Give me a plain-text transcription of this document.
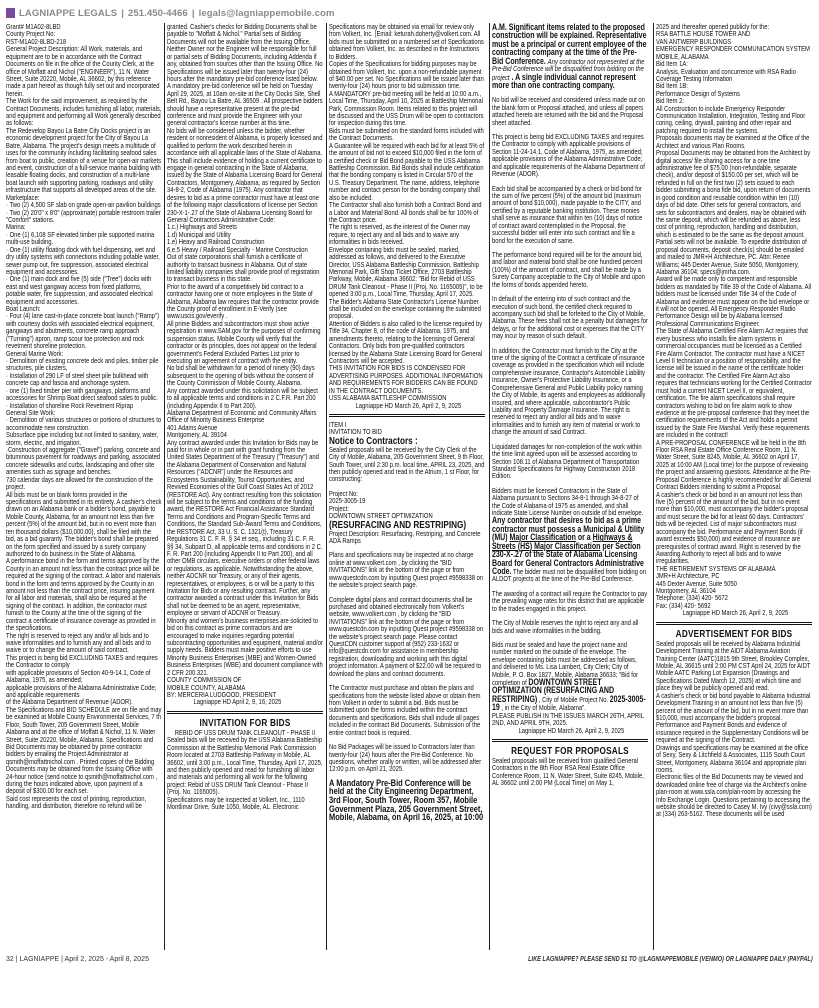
LAGNIAPPE LEGALS | 251.450-4466 | legals@lagniappemobile.com
Grant# M1A02-8LBD
County Project No:
RST-M1A02-8LBD-218
General Project Description: All Work, materials, and equipment are to be in accordance with the Contract Documents on file in the office of the County Clerk, at the office of Moffatt and Nichol ("ENGINEER"), 11 N. Water Street, Suite 20220, Mobile, AL 36602, by this reference made a part hereof as though fully set out and incorporated herein.
The Work for the said improvement, as required by the Contract Documents, includes furnishing all labor, materials, and equipment and performing all Work generally described as follows:
The Redevelop Bayou La Batre City Docks project is an economic development project for the City of Bayou La Batre, Alabama. The project's design meets a multitude of uses for the community including facilitating seafood sales from boat to public, creation of a venue for open-air markets and event, construction of a full-service marina building with leasable floating docks, and construction of a multi-lane boat launch with supporting parking, roadways and utility infrastructure that supports all developed areas of the site.
Marketplace:
· Two (2) 4,500 SF slab on grade open-air pavilion buildings
· Two (2) 20'0" x 8'0" (approximate) portable restroom trailer "Comfort" stations.
Marina:
· One (1) 6,108 SF elevated timber pile supported marina multi-use building.
· One (1) utility floating dock with fuel dispensing, wet and dry utility systems with connections including potable water, sewer pump out, fire suppression, associated electrical equipment and accessories.
· One (1) main dock and five (5) side ("Tree") docks with east and west gangway access from fixed platforms, potable water, fire suppression, and associated electrical equipment and accessories.
Boat Launch:
· Four (4) lane cast-in-place concrete boat launch ("Ramp") with courtesy docks with associated electrical equipment, gangways and abutments, concrete ramp approach ("Turning") apron, ramp scour toe protection and rock revetment shoreline protection.
General Marine Work:
· Demolition of existing concrete deck and piles, timber pile structures, pile clusters,
· Installation of 290 LF of steel sheet pile bulkhead with concrete cap and fascia and anchorage system.
· one (1) fixed timber pier with gangways, platforms and accessories for Shrimp Boat direct seafood sales to public.
· Installation of shoreline Rock Revetment Riprap
General Site Work:
· Demolition of various structures or portions of structures to accommodate new construction.
Subsurface pipe including but not limited to sanitary, water, storm, electric, and irrigation.
·Construction of aggregate ("Gravel") parking, concrete and bituminous pavement for roadways and parking, associated concrete sidewalks and curbs, landscaping and other site amenities such as signage and benches.
730 calendar days are allowed for the construction of the project.
All bids must be on blank forms provided in the specifications and submitted in its entirety. A cashier's check drawn on an Alabama bank or a bidder's bond, payable to Mobile County, Alabama, for an amount not less than five percent (5%) of the amount bid, but in no event more than ten thousand dollars ($10,000.00), shall be filed with the bid, as a bid guaranty. The bidder's bond shall be prepared on the form specified and issued by a surety company authorized to do business in the State of Alabama.
A performance bond in the form and terms approved by the County in an amount not less than the contract price will be required at the signing of the contract. A labor and materials bond in the form and terms approved by the County in an amount not less than the contract price, insuring payment for all labor and materials, shall also be required at the signing of the contract. In addition, the contractor must furnish to the County at the time of the signing of the contract a certificate of insurance coverage as provided in the specifications.
The right is reserved to reject any and/or all bids and to waive informalities and to furnish any and all bids and to waive or to change the amount of said contract.
This project is being bid EXCLUDING TAXES and requires the Contractor to comply
with applicable provisions of Section 40-9-14.1, Code of Alabama, 1975, as amended;
applicable provisions of the Alabama Administrative Code; and applicable requirements
of the Alabama Department of Revenue (ADOR).
The Specifications and BID SCHEDULE are on file and may be examined at Mobile County Environmental Services, 7 th Floor, South Tower, 205 Government Street, Mobile Alabama and at the office of Moffatt & Nichol, 11 N. Water Street, Suite 20220, Mobile, Alabama. Specifications and Bid Documents may be obtained by prime contractor bidders by emailing the Project Administrator at qsmith@moffattnichol.com . Printed copies of the Bidding Documents may be obtained from the Issuing Office with 24-hour notice (send notice to qsmith@moffattnichol.com , during the hours indicated above, upon payment of a deposit of $300.00 for each set.
Said cost represents the cost of printing, reproduction, handling, and distribution, therefore no refund will be
granted. Cashier's checks for Bidding Documents shall be payable to "Moffatt & Nichol." Partial sets of Bidding Documents will not be available from the Issuing Office. Neither Owner nor the Engineer will be responsible for full or partial sets of Bidding Documents, including Addenda if any, obtained from sources other than the Issuing Office. No Specifications will be issued later than twenty-four (24) hours after the mandatory pre-bid conference listed below.
A mandatory pre-bid conference will be held on Tuesday April 29, 2025, at 10am on-site at the City Docks Site, Shell Belt Rd., Bayou La Batre, AL 36509 . All prospective bidders should have a representative present at the pre-bid conference and must provide the Engineer with your general contractor's license number at this time.
No bids will be considered unless the bidder, whether resident or nonresident of Alabama, is properly licensed and qualified to perform the work described herein in accordance with all applicable laws of the State of Alabama. This shall include evidence of holding a current certificate to engage in general contracting in the State of Alabama, issued by the State of Alabama Licensing Board for General Contractors, Montgomery, Alabama, as required by Section 34-8-2, Code of Alabama (1975). Any contractor that desires to bid as a prime contractor must have at least one of the following major classifications of license per Section 230-X-1-.27 of the State of Alabama Licensing Board for General Contractors Administrative Code:
1.c.) Highways and Streets
1.d) Municipal and Utility
1.e) Heavy and Railroad Construction
6.e.5 Heavy / Railroad Specialty - Marine Construction
Out of state corporations shall furnish a certificate of authority to transact business in Alabama. Out of state limited liability companies shall provide proof of registration to transact business in this state.
Prior to the award of a competitively bid contract to a contractor having one or more employees in the State of Alabama, Alabama law requires that the contractor provide the County proof of enrollment in E-Verify (see www.uscis.gov/everify .
All prime Bidders and subcontractors must show active registration in www.SAM.gov for the purposes of confirming suspension status. Mobile County will verify that the contractor or its principles, does not appear on the federal government's Federal Excluded Parties List prior to executing an agreement of contract with the entity.
No bid shall be withdrawn for a period of ninety (90) days subsequent to the opening of bids without the consent of the County Commission of Mobile County, Alabama.
Any contract awarded under this solicitation will be subject to all applicable terms and conditions in 2 C.F.R. Part 200 (including Appendix II to Part 200).
Alabama Department of Economic and Community Affairs
Office of Minority Business Enterprise
401 Adams Avenue
Montgomery, AL 39104
Any contract awarded under this Invitation for Bids may be paid for in whole or in part with grant funding from the United States Department of the Treasury ("Treasury") and the Alabama Department of Conservation and Natural Resources ("ADCNR") under the Resources and Ecosystems Sustainability, Tourist Opportunities, and Revived Economies of the Gulf Coast States Act of 2012 (RESTORE Act). Any contract resulting from this solicitation will be subject to the terms and conditions of the funding award, the RESTORE Act Financial Assistance Standard Terms and Conditions and Program-Specific Terms and Conditions, the Standard Sub-Award Terms and Conditions, the RESTORE Act, 33 U. S. C. 1321(t), Treasury Regulations 31 C. F. R. § 34 et seq., including 31 C. F. R. §§ 34, Subpart D, all applicable terms and conditions in 2 C. F. R. Part 200 (including Appendix II to Part 200), and all other OMB circulars, executive orders or other federal laws or regulations, as applicable. Notwithstanding the above, neither ADCNR nor Treasury, or any of their agents, representatives, or employees, is or will be a party to this Invitation for Bids or any resulting contract. Further, any contractor awarded a contract under this Invitation for Bids shall not be deemed to be an agent, representative, employee or servant of ADCNR or Treasury.
Minority and women's business enterprises are solicited to bid on this contract as prime contractors and are encouraged to make inquiries regarding potential subcontracting opportunities and equipment, material and/or supply needs. Bidders must make positive efforts to use Minority Business Enterprises (MBE) and Women-Owned Business Enterprises (WBE) and document compliance with 2 CFR 200.321.
COUNTY COMMISSION OF
MOBILE COUNTY, ALABAMA
BY: MERCERIA LUDGOOD, PRESIDENT
Lagniappe HD April 2, 9, 16, 2025
INVITATION FOR BIDS
REBID OF USS DRUM TANK CLEANOUT - PHASE II
Sealed bids will be received by the USS Alabama Battleship Commission at the Battleship Memorial Park Commission Room located at 2703 Battleship Parkway in Mobile, AL 36602, until 3:00 p.m., Local Time, Thursday, April 17, 2025, and then publicly opened and read for furnishing all labor and materials and performing all work for the following project: Rebid of USS DRUM Tank Cleanout - Phase II (Proj. No. 1165005).
Specifications may be inspected at Volkert, Inc., 1110 Montlimar Drive, Suite 1050, Mobile, AL. Electronic
Specifications may be obtained via email for review only from Volkert, Inc. (Email: keturah.doherty@volkert.com. All bids must be submitted on a numbered set of Specifications obtained from Volkert, Inc. as described in the Instructions to Bidders.
Copies of the Specifications for bidding purposes may be obtained from Volkert, Inc. upon a non-refundable payment of $40.00 per set. No Specifications will be issued later than twenty-four (24) hours prior to bid submission time.
A MANDATORY pre-bid meeting will be held at 10:00 a.m., Local Time, Thursday, April 10, 2025 at Battleship Memorial Park, Commission Room. Items related to this project will be discussed and the USS Drum will be open to contractors for inspection during this time.
Bids must be submitted on the standard forms included with the Contract Documents.
A Guarantee will be required with each bid for at least 5% of the amount of bid not to exceed $10,000 filed in the form of a certified check or Bid Bond payable to the USS Alabama Battleship Commission. Bid Bonds shall include certification that the bonding company is listed in Circular 570 of the U.S. Treasury Department. The name, address, telephone number and contact person for the bonding company shall also be included.
The Contractor shall also furnish both a Contract Bond and a Labor and Material Bond. All bonds shall be for 100% of the Contract price.
The right is reserved, as the interest of the Owner may require, to reject any and all bids and to waive any informalities in bids received.
Envelope containing bids must be sealed, marked, addressed as follows, and delivered to the Executive Director, USS Alabama Battleship Commission, Battleship Memorial Park, Gift Shop Ticket Office, 2703 Battleship Parkway, Mobile, Alabama 36602: "Bid for Rebid of USS DRUM Tank Cleanout - Phase II (Proj. No. 1165005)", to be opened 3:00 p.m., Local Time, Thursday, April 17, 2025. The Bidder's Alabama State Contractor's License Number shall be included on the envelope containing the submitted proposal.
Attention of Bidders is also called to the license required by Title 34, Chapter 8, of the code of Alabama, 1975, and amendments thereto, relating to the licensing of General Contractors. Only bids from pre-qualified contractors licensed by the Alabama State Licensing Board for General Contractors will be accepted.
THIS INVITATION FOR BIDS IS CONDENSED FOR ADVERTISING PURPOSES. ADDITIONAL INFORMATION AND REQUIREMENTS FOR BIDDERS CAN BE FOUND IN THE CONTRACT DOCUMENTS.
USS ALABAMA BATTLESHIP COMMISSION
Lagniappe HD March 26, April 2, 9, 2025
ITEM I
INVITATION TO BID
Notice to Contractors :
Sealed proposals will be received by the City Clerk of the City of Mobile, Alabama, 205 Government Street, 9 th Floor, South Tower, until 2:30 p.m. local time, APRIL 23, 2025, and then publicly opened and read in the Atrium, 1 st Floor, for constructing:
Project No:
2025-3005-19
Project:
DOWNTOWN STREET OPTIMIZATION
(RESURFACING AND RESTRIPING)
Project Description: Resurfacing, Restriping, and Concrete ADA Ramps
Plans and specifications may be inspected at no charge online at www.volkert.com , by clicking the "BID INVITATIONS" link at the bottom of the page or from www.questcdn.com by inputting Quest project #9598338 on the website's project search page.
Complete digital plans and contract documents shall be purchased and obtained electronically from Volkert's website, www.volkert.com , by clicking the "BID INVITATIONS" link at the bottom of the page or from www.questcdn.com by inputting Quest project #9598338 on the website's project search page. Please contact QuestCDN customer support at (952) 233-1632 or info@questcdn.com for assistance in membership registration, downloading and working with this digital project information. A payment of $22.00 will be required to download the plans and contract documents.
The Contractor must purchase and obtain the plans and specifications from the website listed above or obtain them from Volkert in order to submit a bid. Bids must be submitted upon the forms included within the contract documents and specifications. Bids shall include all pages included in the contract Bid Documents. Submission of the entire contract book is required.
No Bid Packages will be issued to Contractors later than twenty-four (24) hours after the Pre-Bid Conference. No questions, whether orally or written, will be addressed after 12:00 p.m. on April 21, 2025.
A Mandatory Pre-Bid Conference will be held at the City Engineering Department, 3rd Floor, South Tower, Room 357, Mobile Government Plaza, 205 Government Street, Mobile, Alabama, on April 16, 2025, at 10:00
A.M. Significant items related to the proposed construction will be explained. Representative must be a principal or current employee of the contracting company at the time of the Pre-Bid Conference. Any contractor not represented at the Pre-Bid Conference will be disqualified from bidding on the project . A single individual cannot represent more than one contracting company.
No bid will be received and considered unless made out on the blank form or Proposal attached, and unless all papers attached hereto are returned with the bid and the Proposal sheet attached.
This project is being bid EXCLUDING TAXES and requires the Contractor to comply with applicable provisions of Section 11-24-14.1, Code of Alabama, 1975, as amended; applicable provisions of the Alabama Administrative Code; and applicable requirements of the Alabama Department of Revenue (ADOR).
Each bid shall be accompanied by a check or bid bond for the sum of five percent (5%) of the amount bid (maximum amount of bond $10,000), made payable to the CITY, and certified by a reputable banking institution. These monies shall serve as insurance that within ten (10) days of notice of contract award contemplated in the Proposal, the successful bidder will enter into such contract and file a bond for the execution of same.
The performance bond required will be for the amount bid, and labor and material bond shall be one hundred percent (100%) of the amount of contract, and shall be made by a Surety Company acceptable to the City of Mobile and upon the forms of bonds appended hereto.
In default of the entering into of such contract and the execution of such bond, the certified check required to accompany such bid shall be forfeited to the City of Mobile, Alabama. These fees shall not be a penalty but damages for delays, or for the additional cost or expenses that the CITY may incur by reason of such default.
In addition, the Contractor must furnish to the City at the time of the signing of the Contract a certificate of insurance coverage as provided in the specification which will include comprehensive insurance, Contractor's Automobile Liability Insurance, Owner's Protective Liability Insurance, or a Comprehensive General and Public Liability policy naming the City of Mobile, its agents and employees as additionally insured, and where applicable, subcontractor's Public Liability and Property Damage Insurance. The right is reserved to reject any and/or all bids and to waive informalities and to furnish any item of material or work to change the amount of said Contract.
Liquidated damages for non-completion of the work within the time limit agreed upon will be assessed according to Section 108.11 of Alabama Department of Transportation Standard Specifications for Highway Construction 2018 Edition.
Bidders must be licensed Contractors in the State of Alabama pursuant to Sections 34-8-1 through 34-8-27 of the Code of Alabama of 1975 as amended, and shall indicate State License Number on outside of bid envelope. Any contractor that desires to bid as a prime contractor must possess a Municipal & Utility (MU) Major Classification or a Highways & Streets (HS) Major Classification per Section 230-X-.27 of the State of Alabama Licensing Board for General Contractors Administrative Code. The bidder must not be disqualified from bidding on ALDOT projects at the time of the Pre-Bid Conference.
The awarding of a contract will require the Contractor to pay the prevailing wage rates for this district that are applicable to the trades engaged in this project.
The City of Mobile reserves the right to reject any and all bids and waive informalities in the bidding.
Bids must be sealed and have the project name and number marked on the outside of the envelope. The envelope containing bids must be addressed as follows, and delivered to Ms. Lisa Lambert, City Clerk; City of Mobile, P. O. Box 1827, Mobile, Alabama 36633; "Bid for completion of DOWNTOWN STREET OPTIMIZATION (RESURFACING AND RESTRIPING) , City of Mobile Project No. 2025-3005-19 , in the City of Mobile, Alabama".
PLEASE PUBLISH IN THE ISSUES MARCH 26TH, APRIL 2ND, AND APRIL 9TH, 2025.
Lagniappe HD March 26, April 2, 9, 2025
REQUEST FOR PROPOSALS
Sealed proposals will be received from qualified General Contractors in the 8th Floor RSA Real Estate Office Conference Room, 11 N. Water Street, Suite 8245, Mobile, AL 36602 until 2:00 PM (Local Time) on May 1,
2025 and thereafter opened publicly for the:
RSA BATTLE HOUSE TOWER AND
VAN ANTWERP BUILDINGS
EMERGENCY RESPONDER COMMUNICATION SYSTEM
MOBILE, ALABAMA
Bid Item 1A:
Analysis, Evaluation and concurrence with RSA Radio Coverage Testing Information
Bid Item 1B:
Performance Design of Systems
Bid Item 2:
All Construction to include Emergency Responder Communication Installation, Integration, Testing and Floor coring, ceiling, drywall, painting and other repair and patching required to install the systems.
Proposals documents may be examined at the Office of the Architect and various Plan Rooms.
Proposal Documents may be obtained from the Architect by digital access/ file sharing access for a one time administrative fee of $75.00 (non-refundable, separate check), and/or deposit of $150.00 per set, which will be refunded in full on the first two (2) sets issued to each bidder submitting a bona fide bid, upon return of documents in good condition and reusable condition within ten (10) days of bid date. Other sets for general contractors, and sets for subcontractors and dealers, may be obtained with the same deposit, which will be refunded as above, less cost of printing, reproduction, handling and distribution, which is estimated to be the same as the deposit amount. Partial sets will not be available. To expedite distribution of proposal documents, deposit check(s) should be emailed and mailed to JMR+H Architecture, PC. Attn: Renee Williams; 445 Dexter Avenue, Suite 5050, Montgomery, Alabama 36104; specs@jmrha.com.
Award will be made only to competent and responsible bidders as mandated by Title 39 of the Code of Alabama. All bidders must be licensed under Title 34 of the Code of Alabama and evidence must appear on the bid envelope or it will not be opened. All Emergency Responder Radio Performance Design will be by Alabama licensed Professional Communications Engineer.
The State of Alabama Certified Fire Alarm Act requires that every business who installs fire alarm systems in commercial occupancies must be licensed as a Certified Fire Alarm Contractor. The contractor must have a NICET Level II technician or a position of responsibility, and the license will be issued in the name of the certificate holder and the contractor. The Certified Fire Alarm Act also requires that technicians working for the Certified Contractor must hold a current NICET Level II, or equivalent, certification. The fire alarm specifications shall require contractors wishing to bid on fire alarm work to show evidence at the pre-proposal conference that they meet the certification requirements of the Act and holds a permit issued by the State Fire Marshal. Verify these requirements are included in the contract!
A PRE-PROPOSAL CONFERENCE will be held in the 8th Floor RSA Real Estate Office Conference Room, 11 N. Water Street, Suite 8245, Mobile, AL 36602 on April 17, 2025 at 10:00 AM (Local time) for the purpose of reviewing the project and answering questions. Attendance at the Pre-Proposal Conference is highly recommended for all General Contract Bidders intending to submit a Proposal.
A cashier's check or bid bond in an amount not less than five (5) percent of the amount of the bid, but in no event more than $10,000, must accompany the bidder's proposal and must secure the bid for at least 60 days. Contractors' bids will be rejected. List of major subcontractors must accompany the bid. Performance and Payment Bonds (if award exceeds $50,000) and evidence of insurance are prerequisites of contract award. Right is reserved by the Awarding Authority to reject all bids and to waive irregularities.
THE RETIREMENT SYSTEMS OF ALABAMA
JMR+H Architecture, PC
445 Dexter Avenue, Suite 5050
Montgomery, AL 36104
Telephone: (334) 420- 5672
Fax: (334) 420- 5692
Lagniappe HD March 26, April 2, 9, 2025
ADVERTISEMENT FOR BIDS
Sealed proposals will be received by Alabama Industrial Development Training at the AIDT Alabama Aviation Training Center (AATC)1815 9th Street, Brookley Complex, Mobile, AL 36615 until 2:00 PM CST April 24, 2025 for AIDT Mobile AATC Parking Lot Expansion (Drawings and Specifications Dated March 12, 2025) at which time and place they will be publicly opened and read.
A cashier's check or bid bond payable to Alabama Industrial Development Training in an amount not less than five (5) percent of the amount of the bid, but in no event more than $10,000, must accompany the bidder's proposal. Performance and Payment Bonds and evidence of insurance required in the Supplementary Conditions will be required at the signing of the Contract.
Drawings and specifications may be examined at the office of Sexy, Sexy & Litchfield & Associates, 1115 South Court Street, Montgomery, Alabama 36104 and appropriate plan rooms.
Electronic files of the Bid Documents may be viewed and downloaded online free of charge via the Architect's online plan-room at www.ssla.com/plan-room by accessing the Info Exchange Login. Questions pertaining to accessing the website should be directed to Casey M. Ivy (civy@ssla.com) at (334) 263-5162. These documents will be used
32 | LAGNIAPPE | April 2, 2025 - April 8, 2025	LIKE LAGNIAPPE? PLEASE SEND $1 TO @LAGNIAPPEMOBILE (VENMO) OR LAGNIAPPE DAILY (PAYPAL)
